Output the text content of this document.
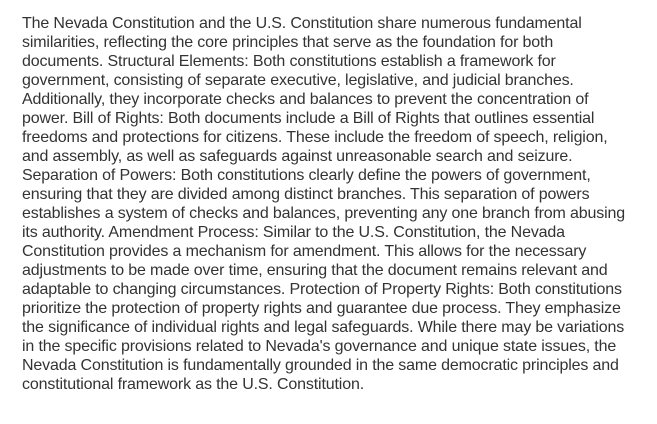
The Nevada Constitution and the U.S. Constitution share numerous fundamental
similarities, reflecting the core principles that serve as the foundation for both
documents. Structural Elements: Both constitutions establish a framework for
government, consisting of separate executive, legislative, and judicial branches.
Additionally, they incorporate checks and balances to prevent the concentration of
power. Bill of Rights: Both documents include a Bill of Rights that outlines essential
freedoms and protections for citizens. These include the freedom of speech, religion,
and assembly, as well as safeguards against unreasonable search and seizure.
Separation of Powers: Both constitutions clearly define the powers of government,
ensuring that they are divided among distinct branches. This separation of powers
establishes a system of checks and balances, preventing any one branch from abusing
its authority. Amendment Process: Similar to the U.S. Constitution, the Nevada
Constitution provides a mechanism for amendment. This allows for the necessary
adjustments to be made over time, ensuring that the document remains relevant and
adaptable to changing circumstances. Protection of Property Rights: Both constitutions
prioritize the protection of property rights and guarantee due process. They emphasize
the significance of individual rights and legal safeguards. While there may be variations
in the specific provisions related to Nevada's governance and unique state issues, the
Nevada Constitution is fundamentally grounded in the same democratic principles and
constitutional framework as the U.S. Constitution.
